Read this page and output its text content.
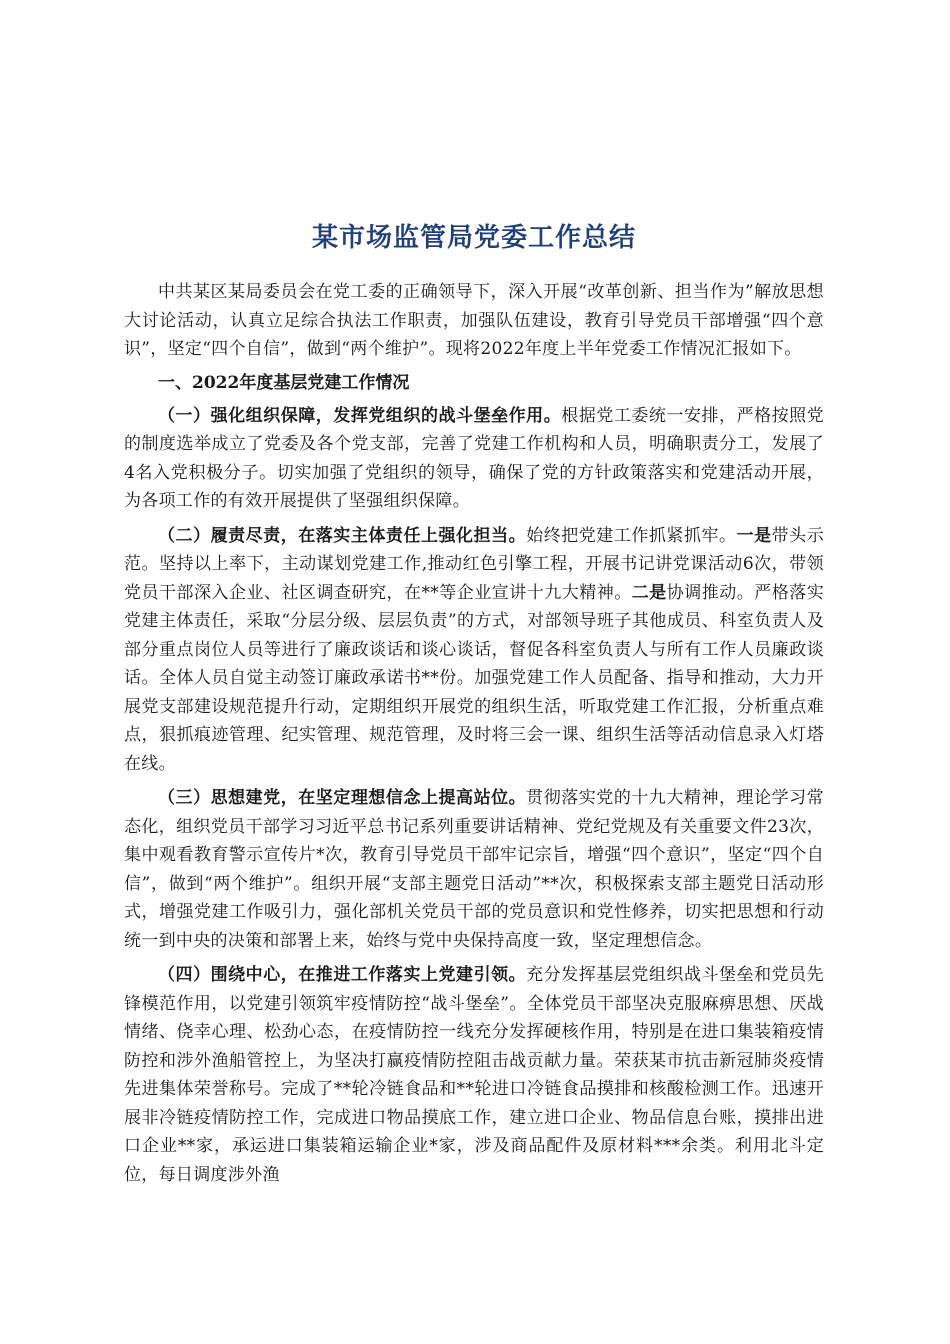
某市场监管局党委工作总结

中共某区某局委员会在党工委的正确领导下，深入开展“改革创新、担当作为”解放思想大讨论活动，认真立足综合执法工作职责，加强队伍建设，教育引导党员干部增强“四个意识”，坚定“四个自信”，做到“两个维护”。现将2022年度上半年党委工作情况汇报如下。

一、2022年度基层党建工作情况

（一）强化组织保障，发挥党组织的战斗堡垒作用。根据党工委统一安排，严格按照党的制度选举成立了党委及各个党支部，完善了党建工作机构和人员，明确职责分工，发展了4名入党积极分子。切实加强了党组织的领导，确保了党的方针政策落实和党建活动开展，为各项工作的有效开展提供了坚强组织保障。

（二）履责尽责，在落实主体责任上强化担当。始终把党建工作抓紧抓牢。一是带头示范。坚持以上率下，主动谋划党建工作,推动红色引擎工程，开展书记讲党课活动6次，带领党员干部深入企业、社区调查研究，在**等企业宣讲十九大精神。二是协调推动。严格落实党建主体责任，采取“分层分级、层层负责”的方式，对部领导班子其他成员、科室负责人及部分重点岗位人员等进行了廉政谈话和谈心谈话，督促各科室负责人与所有工作人员廉政谈话。全体人员自觉主动签订廉政承诺书**份。加强党建工作人员配备、指导和推动，大力开展党支部建设规范提升行动，定期组织开展党的组织生活，听取党建工作汇报，分析重点难点，狠抓痕迹管理、纪实管理、规范管理，及时将三会一课、组织生活等活动信息录入灯塔在线。

（三）思想建党，在坚定理想信念上提高站位。贯彻落实党的十九大精神，理论学习常态化，组织党员干部学习习近平总书记系列重要讲话精神、党纪党规及有关重要文件23次，集中观看教育警示宣传片*次，教育引导党员干部牢记宗旨，增强“四个意识”，坚定“四个自信”，做到“两个维护”。组织开展“支部主题党日活动”**次，积极探索支部主题党日活动形式，增强党建工作吸引力，强化部机关党员干部的党员意识和党性修养，切实把思想和行动统一到中央的决策和部署上来，始终与党中央保持高度一致，坚定理想信念。

（四）围绕中心，在推进工作落实上党建引领。充分发挥基层党组织战斗堡垒和党员先锋模范作用，以党建引领筑牢疫情防控“战斗堡垒”。全体党员干部坚决克服麻痹思想、厌战情绪、侥幸心理、松劲心态，在疫情防控一线充分发挥硬核作用，特别是在进口集装箱疫情防控和涉外渔船管控上，为坚决打赢疫情防控阻击战贡献力量。荣获某市抗击新冠肺炎疫情先进集体荣誉称号。完成了**轮冷链食品和**轮进口冷链食品摸排和核酸检测工作。迅速开展非冷链疫情防控工作，完成进口物品摸底工作，建立进口企业、物品信息台账，摸排出进口企业**家，承运进口集装箱运输企业*家，涉及商品配件及原材料***余类。利用北斗定位，每日调度涉外渔
